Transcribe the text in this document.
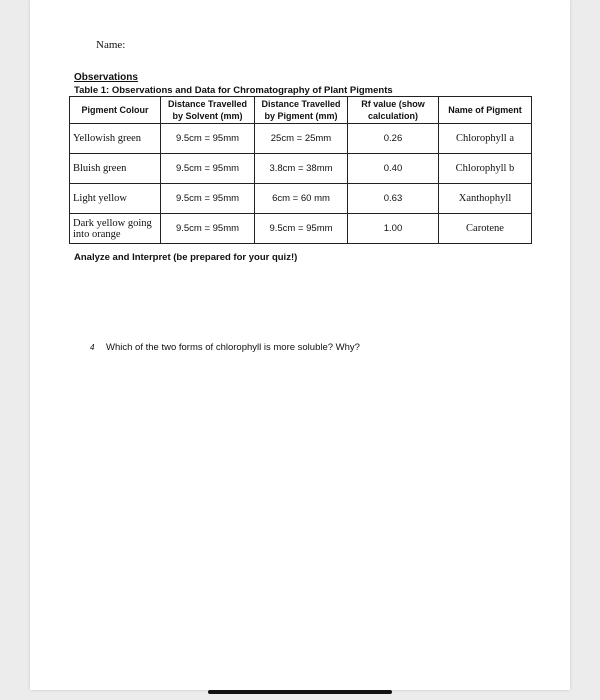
Name:
Observations
Table 1: Observations and Data for Chromatography of Plant Pigments
Pigment Colour	Distance Travelled by Solvent (mm)	Distance Travelled by Pigment (mm)	Rf value (show calculation)	Name of Pigment
Yellowish green	9.5cm = 95mm	25cm = 25mm	0.26	Chlorophyll a
Bluish green	9.5cm = 95mm	3.8cm = 38mm	0.40	Chlorophyll b
Light yellow	9.5cm = 95mm	6cm = 60 mm	0.63	Xanthophyll
Dark yellow going into orange	9.5cm = 95mm	9.5cm = 95mm	1.00	Carotene
Analyze and Interpret (be prepared for your quiz!)
4 Which of the two forms of chlorophyll is more soluble? Why?
